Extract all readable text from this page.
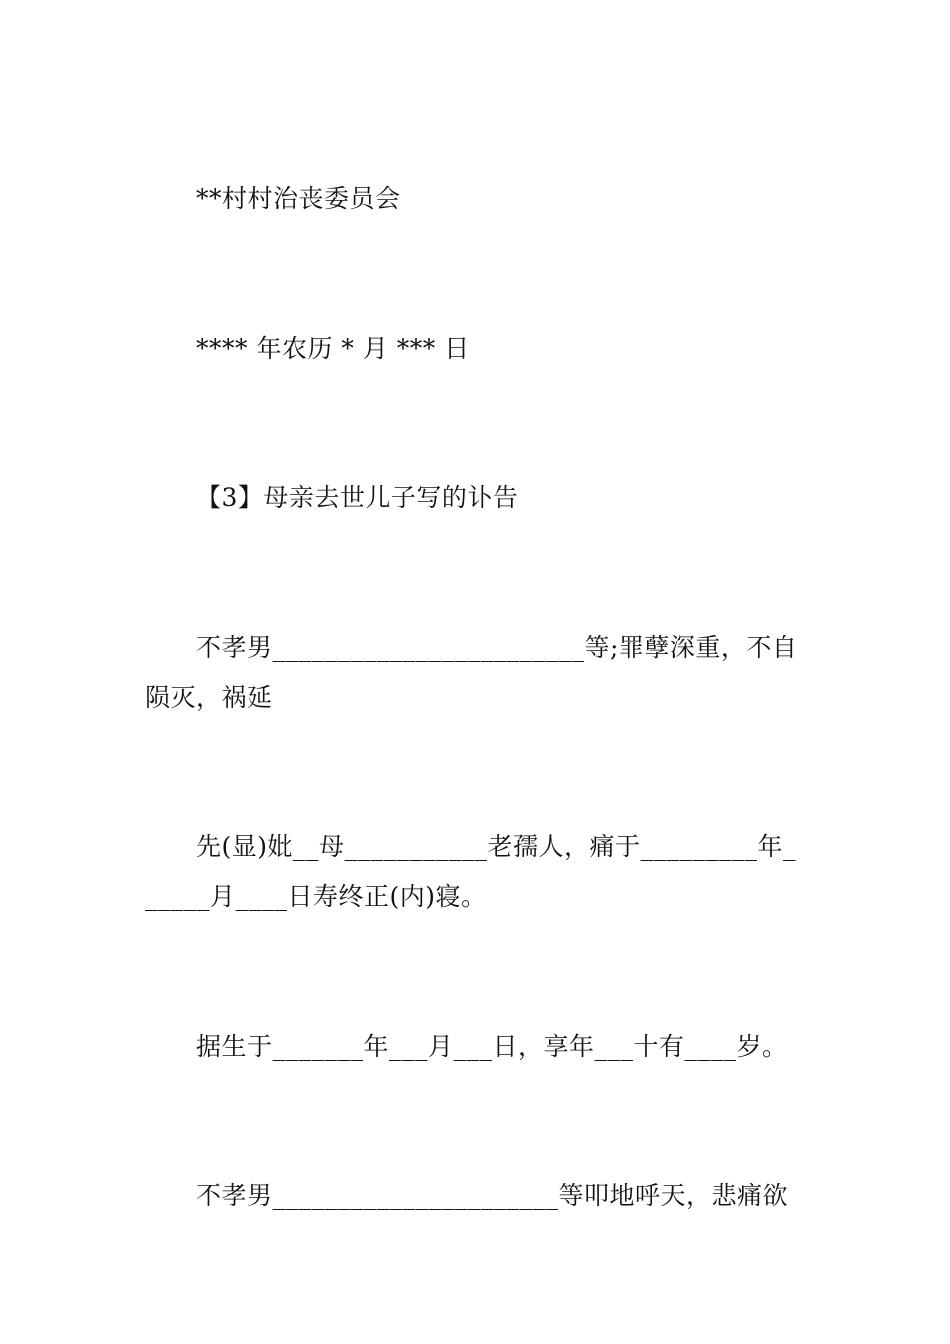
**村村治丧委员会
**** 年农历 * 月 *** 日
【3】母亲去世儿子写的讣告
不孝男________________________等;罪孽深重，不自
陨灭，祸延
先(显)妣__母___________老孺人，痛于_________年_
_____月____日寿终正(内)寝。
据生于_______年___月___日，享年___十有____岁。
不孝男______________________等叩地呼天，悲痛欲
